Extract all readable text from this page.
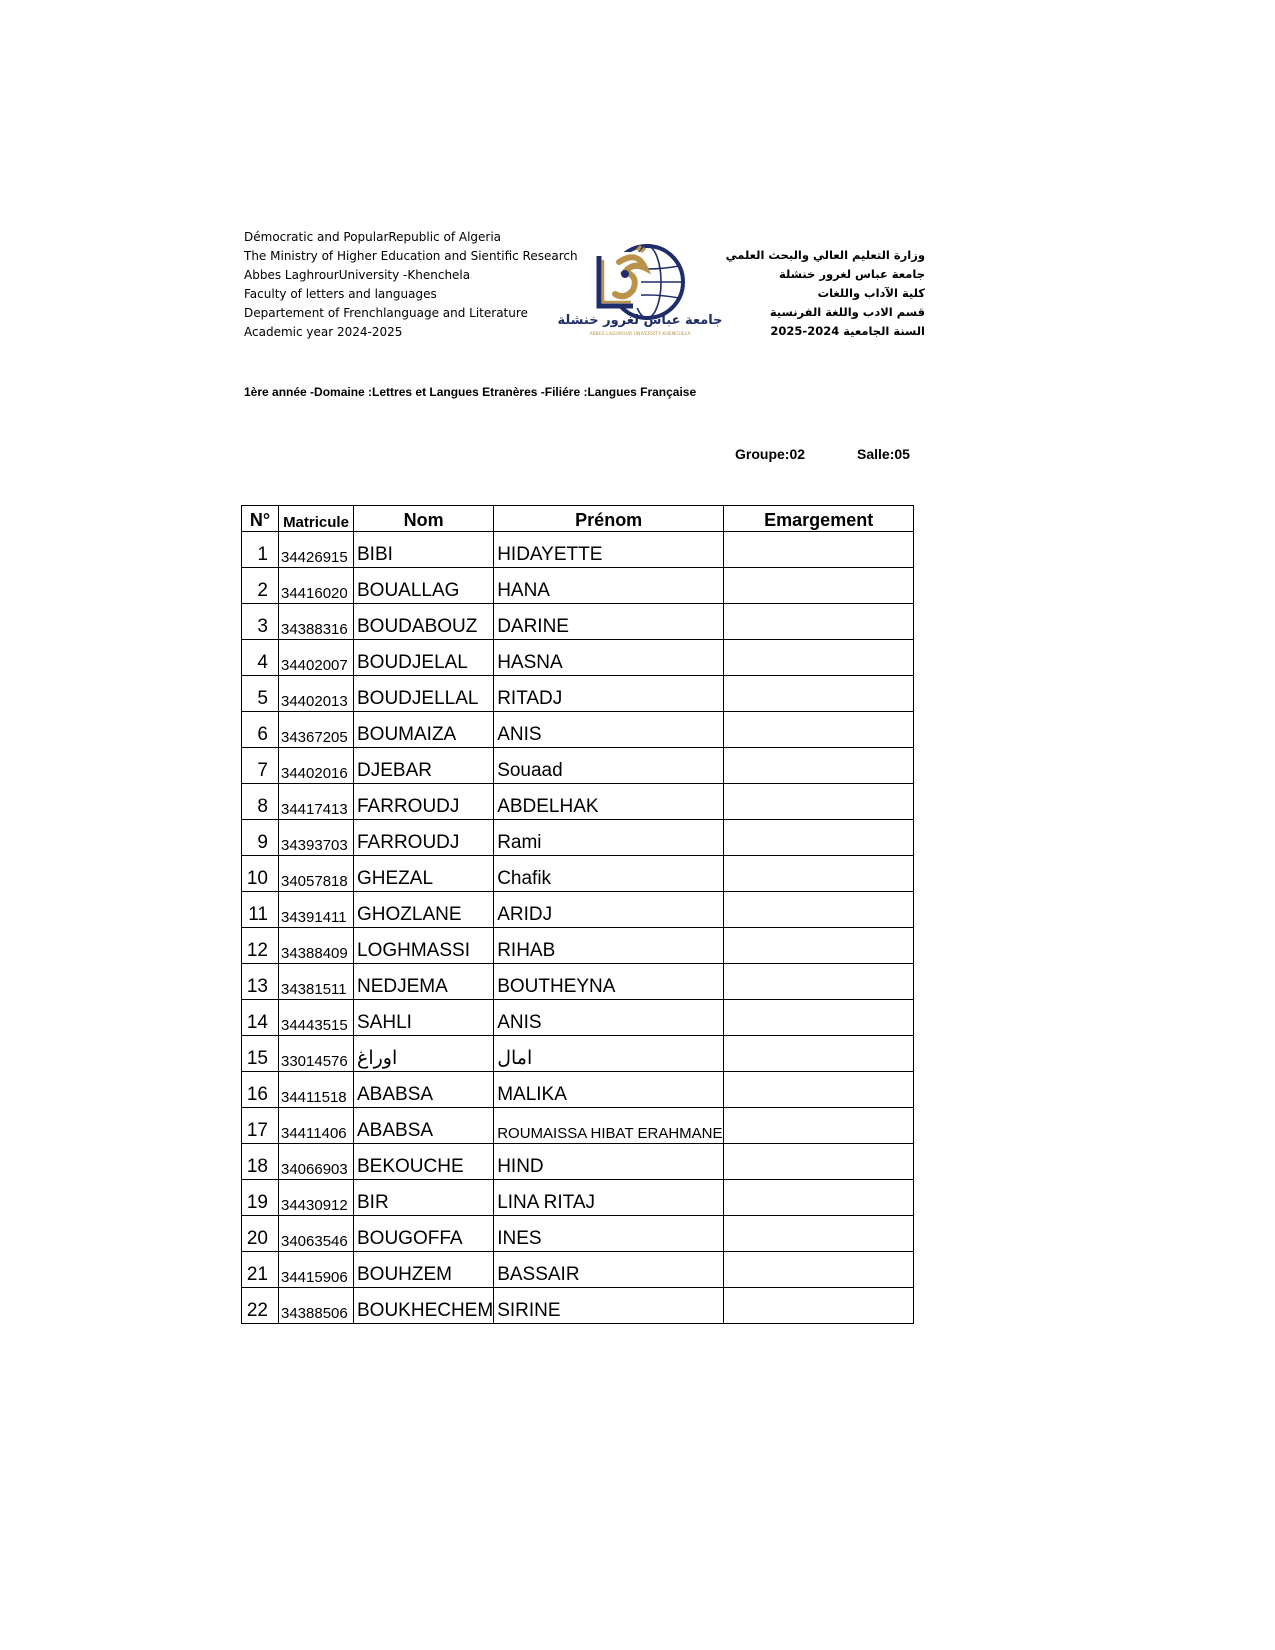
Démocratic and PopularRepublic of Algeria
The Ministry of Higher Education and Sientific Research
Abbes LaghrourUniversity -Khenchela
Faculty of letters and languages
Departement of Frenchlanguage and Literature
Academic year 2024-2025
جامعة عباس لغرور خنشلة
ABBES LAGHROUR UNIVERSITY KHENCHELA
وزارة التعليم العالي والبحث العلمي
جامعة عباس لغرور خنشلة
كلية الآداب واللغات
قسم الادب واللغة الفرنسية
السنة الجامعية 2024-2025
1ère année -Domaine :Lettres et Langues Etranères -Filiére :Langues Française
Groupe:02	Salle:05
N°	Matricule	Nom	Prénom	Emargement
1	34426915	BIBI	HIDAYETTE	
2	34416020	BOUALLAG	HANA	
3	34388316	BOUDABOUZ	DARINE	
4	34402007	BOUDJELAL	HASNA	
5	34402013	BOUDJELLAL	RITADJ	
6	34367205	BOUMAIZA	ANIS	
7	34402016	DJEBAR	Souaad	
8	34417413	FARROUDJ	ABDELHAK	
9	34393703	FARROUDJ	Rami	
10	34057818	GHEZAL	Chafik	
11	34391411	GHOZLANE	ARIDJ	
12	34388409	LOGHMASSI	RIHAB	
13	34381511	NEDJEMA	BOUTHEYNA	
14	34443515	SAHLI	ANIS	
15	33014576	اوراغ	امال	
16	34411518	ABABSA	MALIKA	
17	34411406	ABABSA	ROUMAISSA HIBAT ERAHMANE	
18	34066903	BEKOUCHE	HIND	
19	34430912	BIR	LINA RITAJ	
20	34063546	BOUGOFFA	INES	
21	34415906	BOUHZEM	BASSAIR	
22	34388506	BOUKHECHEM	SIRINE	
